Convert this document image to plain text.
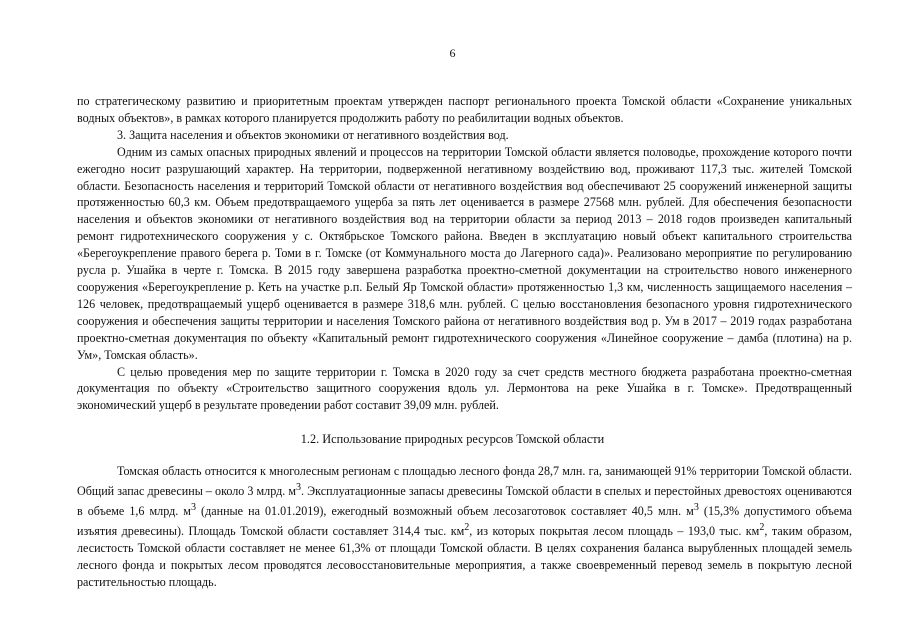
6

по стратегическому развитию и приоритетным проектам утвержден паспорт регионального проекта Томской области «Сохранение уникальных водных объектов», в рамках которого планируется продолжить работу по реабилитации водных объектов.

3. Защита населения и объектов экономики от негативного воздействия вод.

Одним из самых опасных природных явлений и процессов на территории Томской области является половодье, прохождение которого почти ежегодно носит разрушающий характер. На территории, подверженной негативному воздействию вод, проживают 117,3 тыс. жителей Томской области. Безопасность населения и территорий Томской области от негативного воздействия вод обеспечивают 25 сооружений инженерной защиты протяженностью 60,3 км. Объем предотвращаемого ущерба за пять лет оценивается в размере 27568 млн. рублей. Для обеспечения безопасности населения и объектов экономики от негативного воздействия вод на территории области за период 2013 – 2018 годов произведен капитальный ремонт гидротехнического сооружения у с. Октябрьское Томского района. Введен в эксплуатацию новый объект капитального строительства «Берегоукрепление правого берега р. Томи в г. Томске (от Коммунального моста до Лагерного сада)». Реализовано мероприятие по регулированию русла р. Ушайка в черте г. Томска. В 2015 году завершена разработка проектно-сметной документации на строительство нового инженерного сооружения «Берегоукрепление р. Кеть на участке р.п. Белый Яр Томской области» протяженностью 1,3 км, численность защищаемого населения – 126 человек, предотвращаемый ущерб оценивается в размере 318,6 млн. рублей. С целью восстановления безопасного уровня гидротехнического сооружения и обеспечения защиты территории и населения Томского района от негативного воздействия вод р. Ум в 2017 – 2019 годах разработана проектно-сметная документация по объекту «Капитальный ремонт гидротехнического сооружения «Линейное сооружение – дамба (плотина) на р. Ум», Томская область».

С целью проведения мер по защите территории г. Томска в 2020 году за счет средств местного бюджета разработана проектно-сметная документация по объекту «Строительство защитного сооружения вдоль ул. Лермонтова на реке Ушайка в г. Томске». Предотвращенный экономический ущерб в результате проведении работ составит 39,09 млн. рублей.

1.2. Использование природных ресурсов Томской области

Томская область относится к многолесным регионам с площадью лесного фонда 28,7 млн. га, занимающей 91% территории Томской области. Общий запас древесины – около 3 млрд. $м^3$. Эксплуатационные запасы древесины Томской области в спелых и перестойных древостоях оцениваются в объеме 1,6 млрд. $м^3$ (данные на 01.01.2019), ежегодный возможный объем лесозаготовок составляет 40,5 млн. $м^3$ (15,3% допустимого объема изъятия древесины). Площадь Томской области составляет 314,4 тыс. $км^2$, из которых покрытая лесом площадь – 193,0 тыс. $км^2$, таким образом, лесистость Томской области составляет не менее 61,3% от площади Томской области. В целях сохранения баланса вырубленных площадей земель лесного фонда и покрытых лесом проводятся лесовосстановительные мероприятия, а также своевременный перевод земель в покрытую лесной растительностью площадь.
